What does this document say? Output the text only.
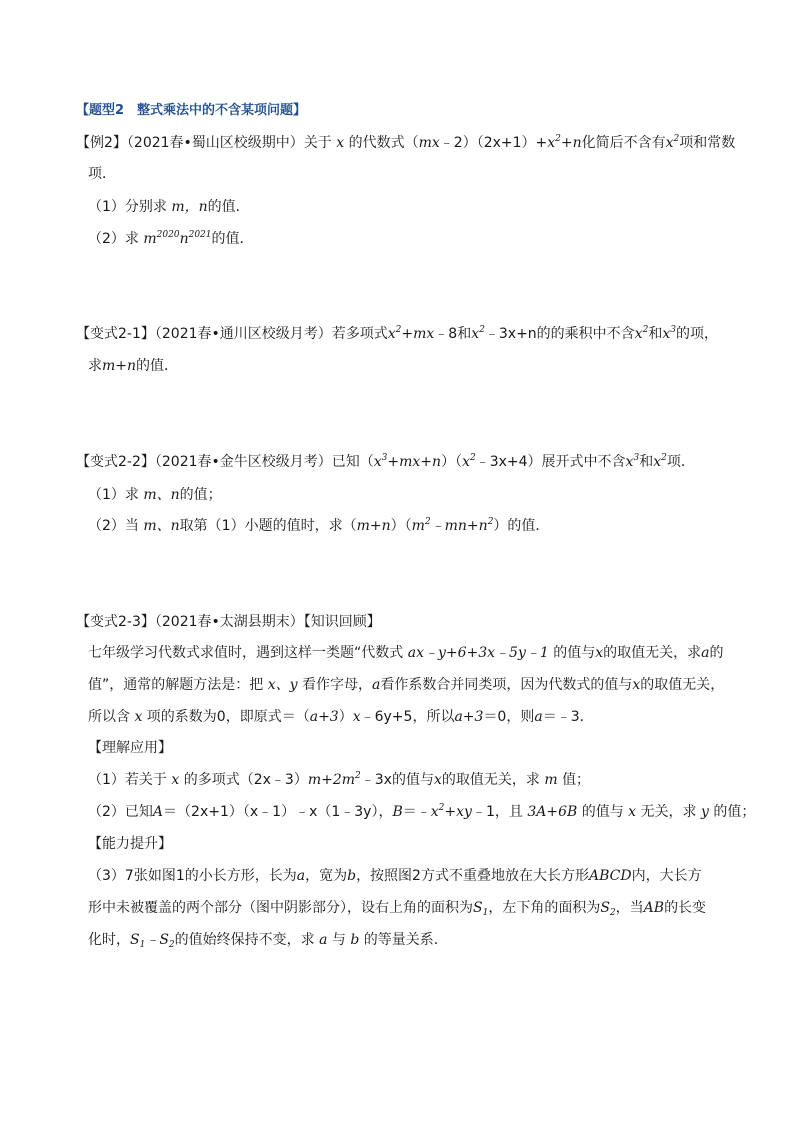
【题型2　整式乘法中的不含某项问题】
【例2】（2021春•蜀山区校级期中）关于 x 的代数式$(mx﹣2)(2x+1)+x^2+n$化简后不含有$x^2$项和常数
项．
（1）分别求 m，n的值．
（2）求 $m^{2020}n^{2021}$的值．
【变式2-1】（2021春•通川区校级月考）若多项式$x^2+mx﹣8$和$x^2﹣3x+n$的的乘积中不含$x^2$和$x^3$的项，
求m+n的值．
【变式2-2】（2021春•金牛区校级月考）已知$(x^3+mx+n)(x^2﹣3x+4)$展开式中不含$x^3$和$x^2$项．
（1）求 m、n的值；
（2）当 m、n取第（1）小题的值时，求$(m+n)(m^2﹣mn+n^2)$的值．
【变式2-3】（2021春•太湖县期末）【知识回顾】
七年级学习代数式求值时，遇到这样一类题“代数式 ax﹣y+6+3x﹣5y﹣1 的值与x的取值无关，求a的
值”，通常的解题方法是：把 x、y 看作字母，a看作系数合并同类项，因为代数式的值与x的取值无关，
所以含 x 项的系数为0，即原式＝（a+3）x﹣6y+5，所以a+3＝0，则a＝﹣3．
【理解应用】
（1）若关于 x 的多项式$(2x﹣3)m+2m^2﹣3x$的值与x的取值无关，求 m 值；
（2）已知A＝（2x+1）（x﹣1）﹣x（1﹣3y），$B=﹣x^2+xy﹣1$，且 3A+6B 的值与 x 无关，求 y 的值；
【能力提升】
（3）7张如图1的小长方形，长为a，宽为b，按照图2方式不重叠地放在大长方形ABCD内，大长方
形中未被覆盖的两个部分（图中阴影部分），设右上角的面积为$S_1$，左下角的面积为$S_2$，当AB的长变
化时，$S_1﹣S_2$的值始终保持不变，求 a 与 b 的等量关系．
